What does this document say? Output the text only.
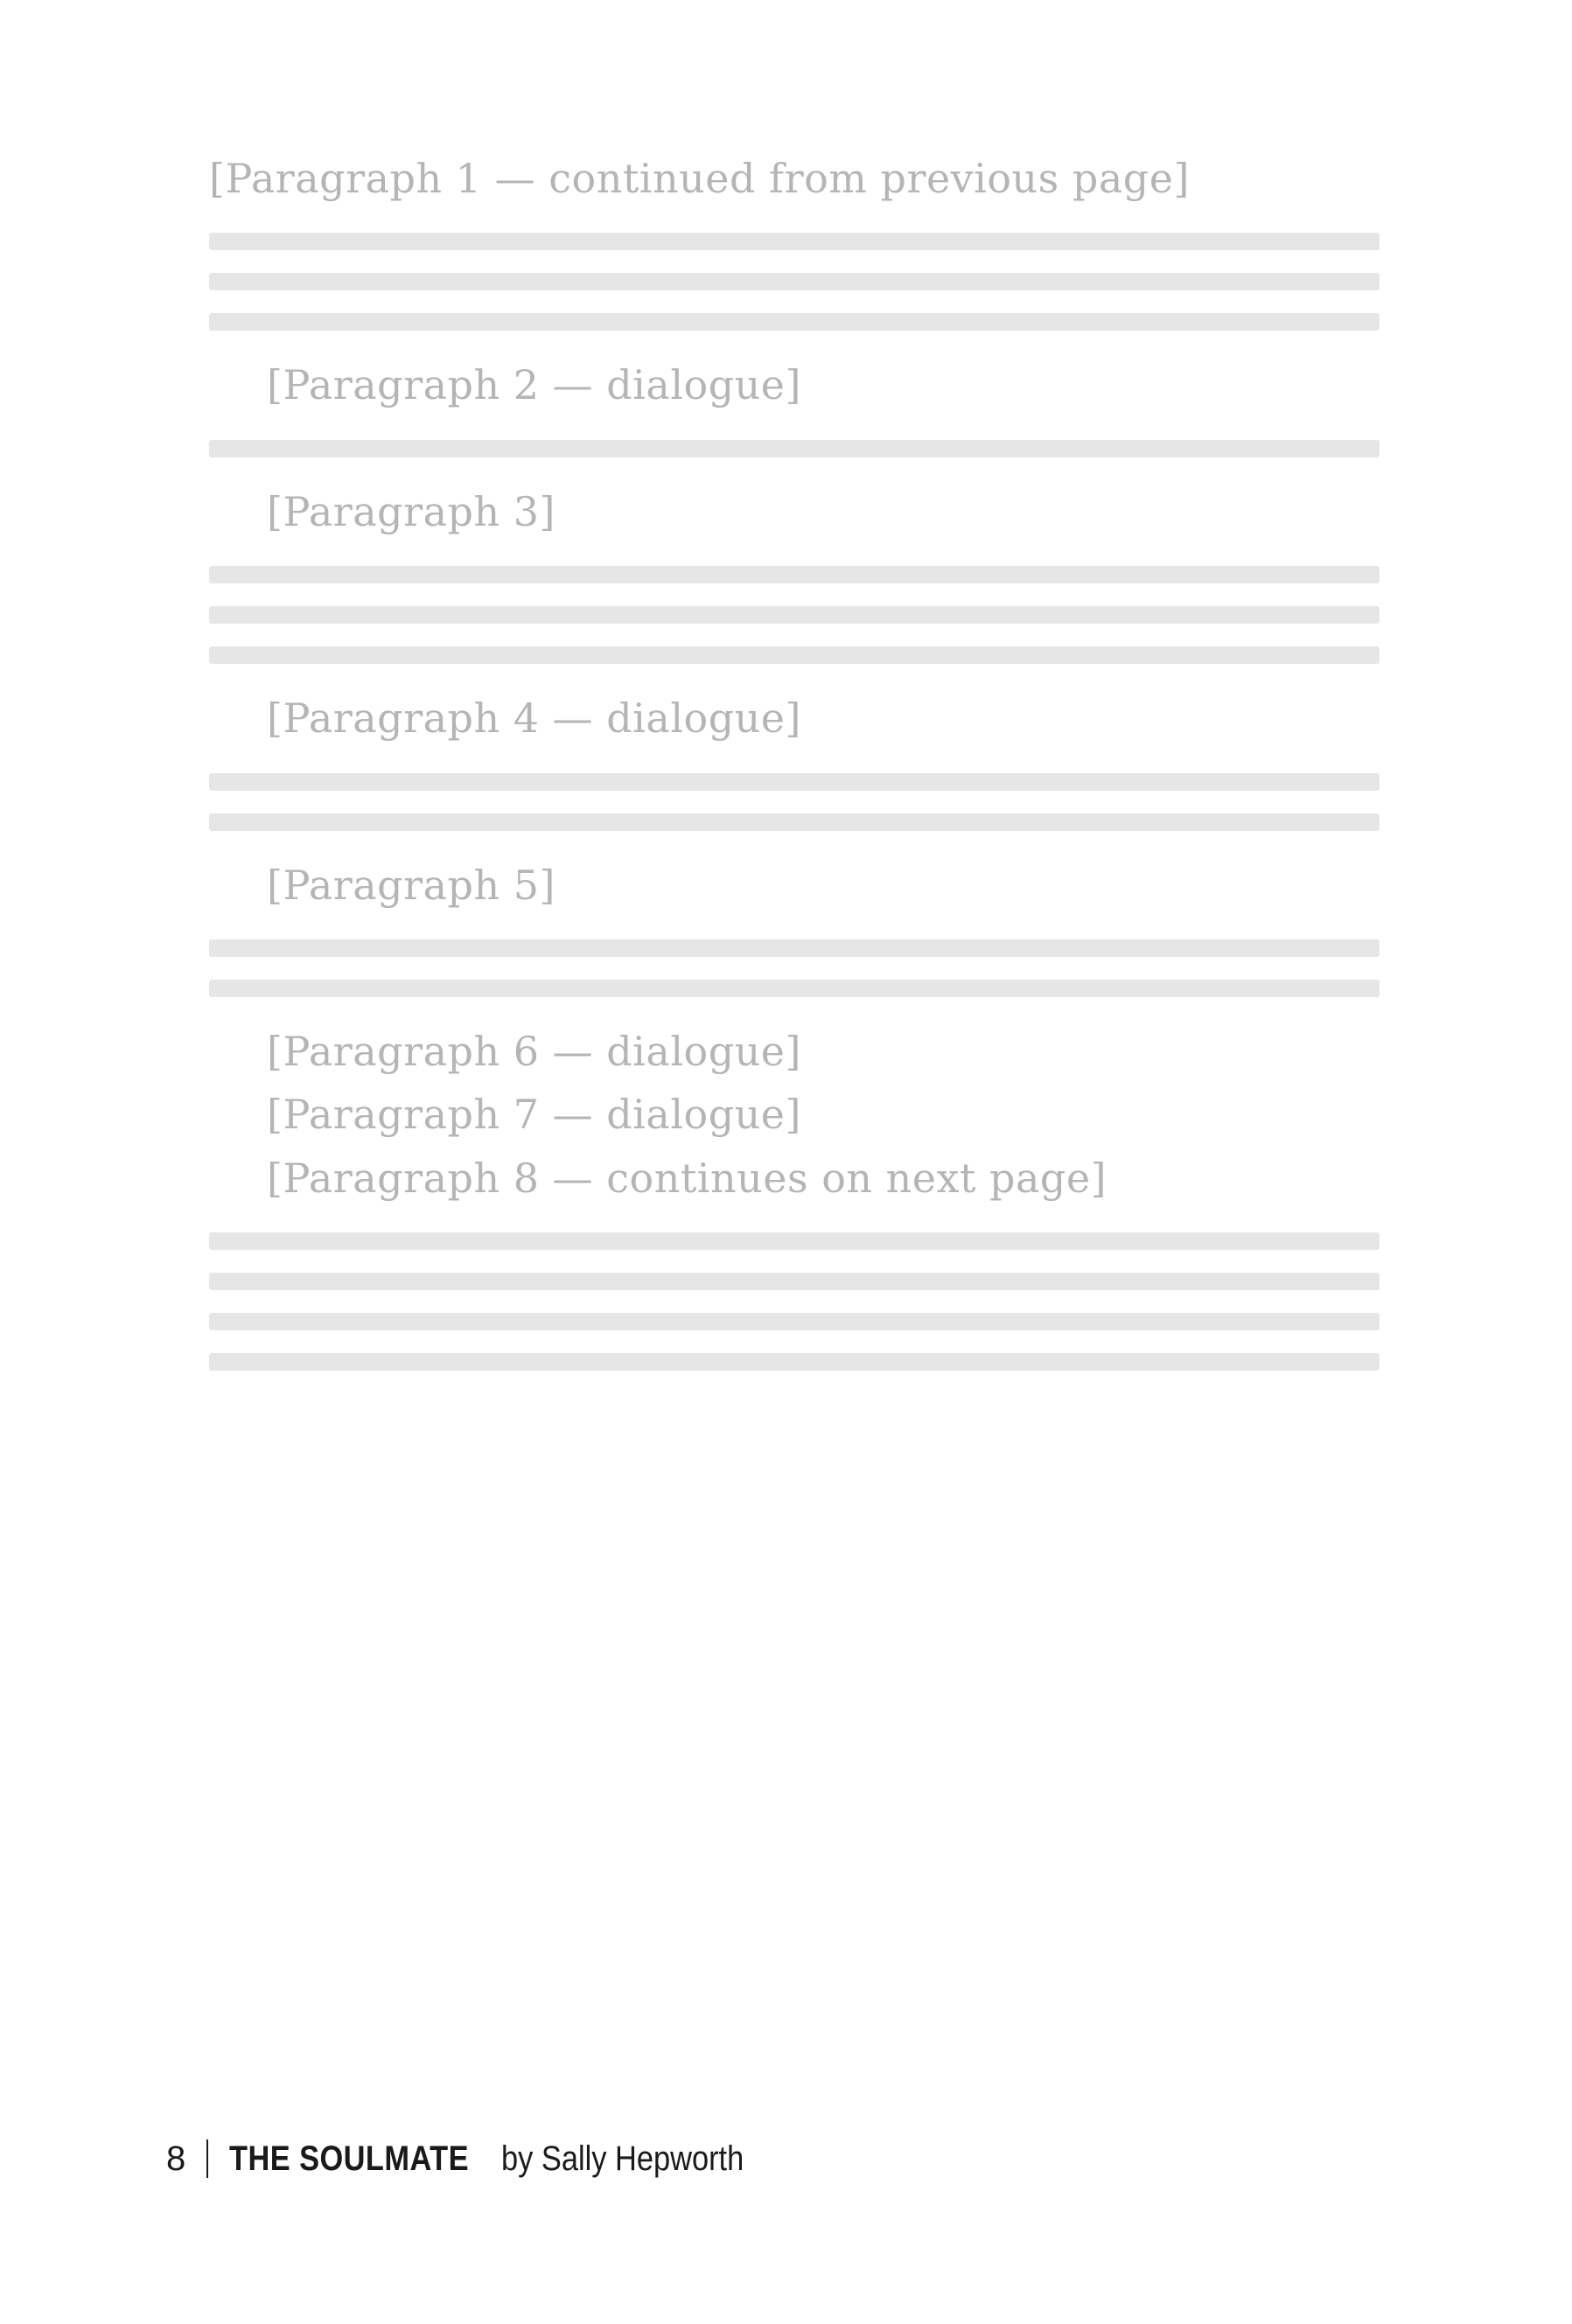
[Paragraph 1 — continued from previous page]

[Paragraph 2 — dialogue]

[Paragraph 3]

[Paragraph 4 — dialogue]

[Paragraph 5]

[Paragraph 6 — dialogue]

[Paragraph 7 — dialogue]

[Paragraph 8 — continues on next page]

8 THE SOULMATE by Sally Hepworth
